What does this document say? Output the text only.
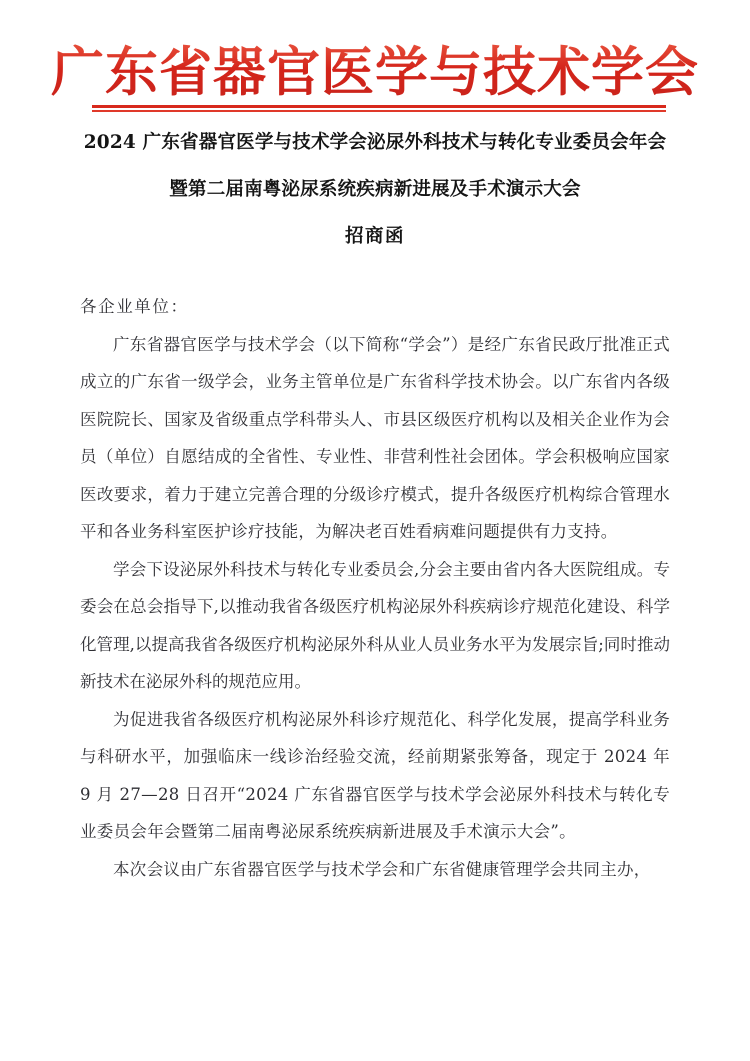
广东省器官医学与技术学会
2024 广东省器官医学与技术学会泌尿外科技术与转化专业委员会年会
暨第二届南粤泌尿系统疾病新进展及手术演示大会
招商函

各企业单位：

广东省器官医学与技术学会（以下简称“学会”）是经广东省民政厅批准正式成立的广东省一级学会，业务主管单位是广东省科学技术协会。以广东省内各级医院院长、国家及省级重点学科带头人、市县区级医疗机构以及相关企业作为会员（单位）自愿结成的全省性、专业性、非营利性社会团体。学会积极响应国家医改要求，着力于建立完善合理的分级诊疗模式，提升各级医疗机构综合管理水平和各业务科室医护诊疗技能，为解决老百姓看病难问题提供有力支持。

学会下设泌尿外科技术与转化专业委员会,分会主要由省内各大医院组成。专委会在总会指导下,以推动我省各级医疗机构泌尿外科疾病诊疗规范化建设、科学化管理,以提高我省各级医疗机构泌尿外科从业人员业务水平为发展宗旨;同时推动新技术在泌尿外科的规范应用。

为促进我省各级医疗机构泌尿外科诊疗规范化、科学化发展，提高学科业务与科研水平，加强临床一线诊治经验交流，经前期紧张筹备，现定于 2024 年 9 月 27—28 日召开“2024 广东省器官医学与技术学会泌尿外科技术与转化专业委员会年会暨第二届南粤泌尿系统疾病新进展及手术演示大会”。

本次会议由广东省器官医学与技术学会和广东省健康管理学会共同主办，
